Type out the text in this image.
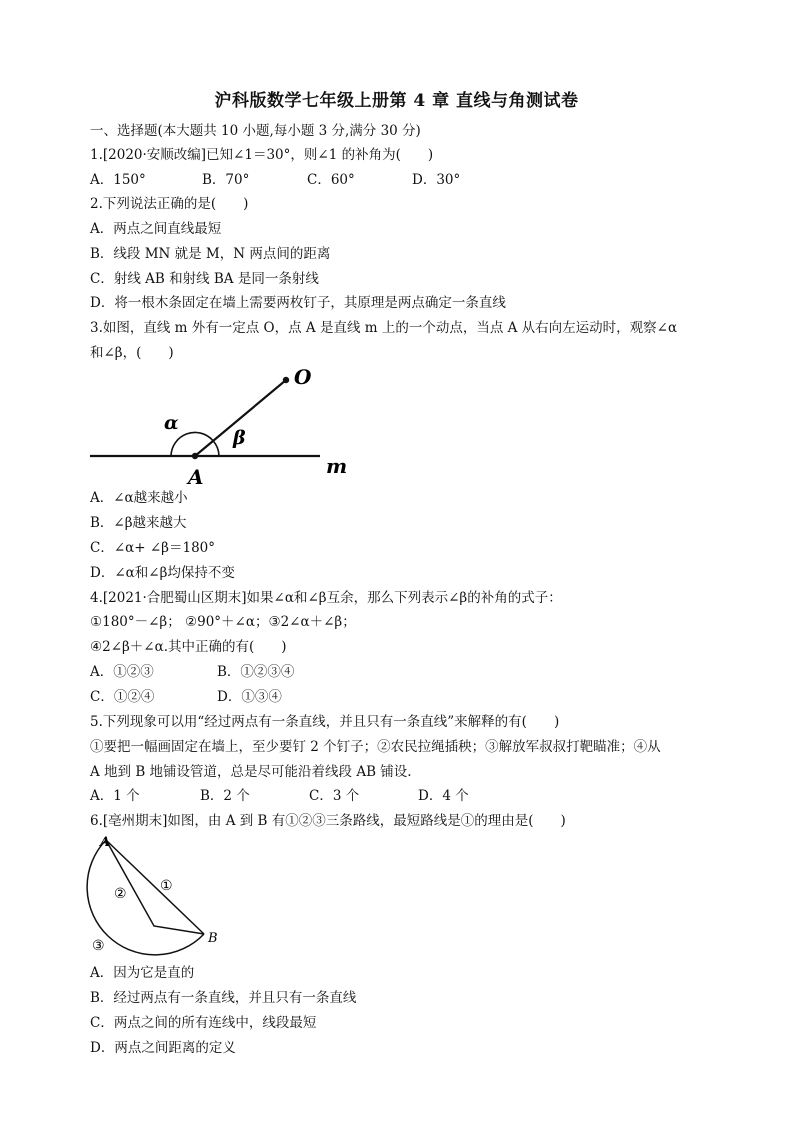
沪科版数学七年级上册第 4 章 直线与角测试卷
一、选择题(本大题共 10 小题,每小题 3 分,满分 30 分)
1.[2020·安顺改编]已知∠1＝30°，则∠1 的补角为(　　)
A．150°	B．70°	C．60°	D．30°
2.下列说法正确的是(　　)
A．两点之间直线最短
B．线段 MN 就是 M，N 两点间的距离
C．射线 AB 和射线 BA 是同一条射线
D．将一根木条固定在墙上需要两枚钉子，其原理是两点确定一条直线
3.如图，直线 m 外有一定点 O，点 A 是直线 m 上的一个动点，当点 A 从右向左运动时，观察∠α
和∠β，(　　)
O
α
β
A	m
A．∠α越来越小
B．∠β越来越大
C．∠α+ ∠β＝180°
D．∠α和∠β均保持不变
4.[2021·合肥蜀山区期末]如果∠α和∠β互余，那么下列表示∠β的补角的式子：
①180°－∠β； ②90°＋∠α；③2∠α＋∠β；
④2∠β＋∠α.其中正确的有(　　)
A．①②③	B．①②③④
C．①②④	D．①③④
5.下列现象可以用“经过两点有一条直线，并且只有一条直线”来解释的有(　　)
①要把一幅画固定在墙上，至少要钉 2 个钉子；②农民拉绳插秧；③解放军叔叔打靶瞄准；④从
A 地到 B 地铺设管道，总是尽可能沿着线段 AB 铺设.
A．1 个	B．2 个	C．3 个	D．4 个
6.[亳州期末]如图，由 A 到 B 有①②③三条路线，最短路线是①的理由是(　　)
A
B
①
②
③
A．因为它是直的
B．经过两点有一条直线，并且只有一条直线
C．两点之间的所有连线中，线段最短
D．两点之间距离的定义
